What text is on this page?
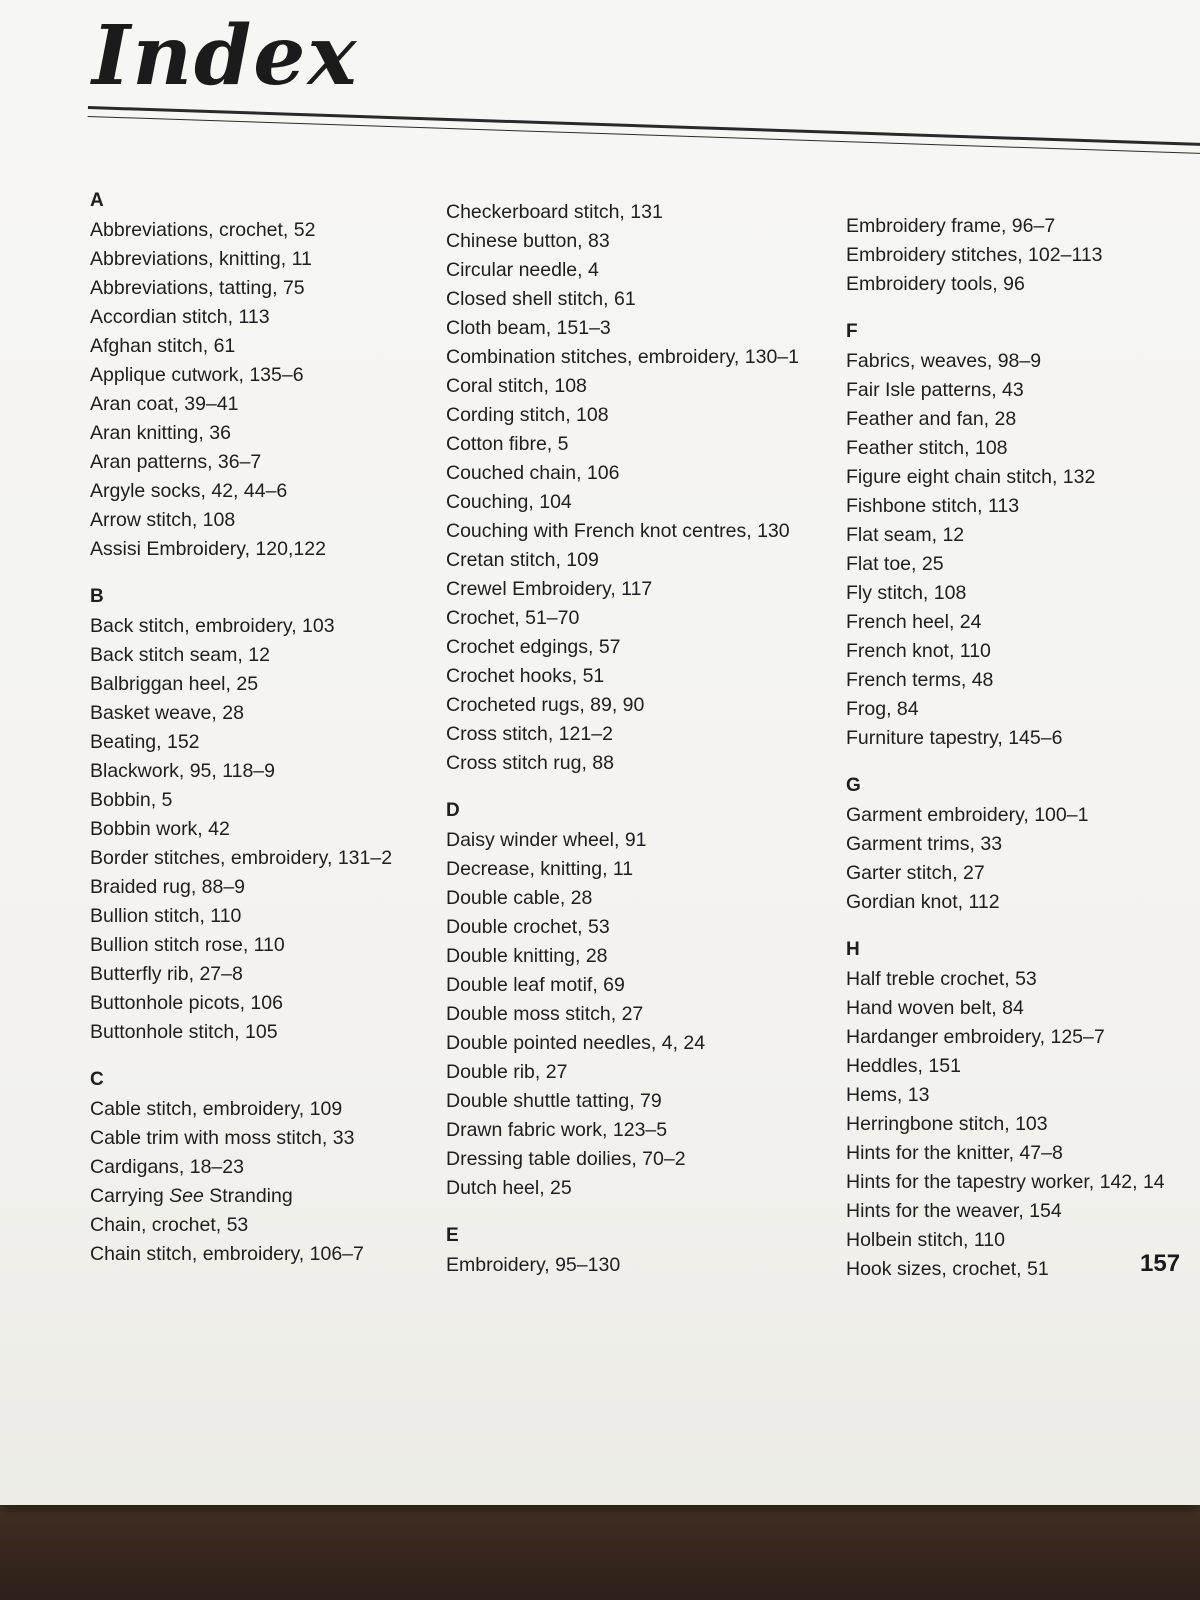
Index
A
Abbreviations, crochet, 52
Abbreviations, knitting, 11
Abbreviations, tatting, 75
Accordian stitch, 113
Afghan stitch, 61
Applique cutwork, 135–6
Aran coat, 39–41
Aran knitting, 36
Aran patterns, 36–7
Argyle socks, 42, 44–6
Arrow stitch, 108
Assisi Embroidery, 120,122
B
Back stitch, embroidery, 103
Back stitch seam, 12
Balbriggan heel, 25
Basket weave, 28
Beating, 152
Blackwork, 95, 118–9
Bobbin, 5
Bobbin work, 42
Border stitches, embroidery, 131–2
Braided rug, 88–9
Bullion stitch, 110
Bullion stitch rose, 110
Butterfly rib, 27–8
Buttonhole picots, 106
Buttonhole stitch, 105
C
Cable stitch, embroidery, 109
Cable trim with moss stitch, 33
Cardigans, 18–23
Carrying See Stranding
Chain, crochet, 53
Chain stitch, embroidery, 106–7
Checkerboard stitch, 131
Chinese button, 83
Circular needle, 4
Closed shell stitch, 61
Cloth beam, 151–3
Combination stitches, embroidery, 130–1
Coral stitch, 108
Cording stitch, 108
Cotton fibre, 5
Couched chain, 106
Couching, 104
Couching with French knot centres, 130
Cretan stitch, 109
Crewel Embroidery, 117
Crochet, 51–70
Crochet edgings, 57
Crochet hooks, 51
Crocheted rugs, 89, 90
Cross stitch, 121–2
Cross stitch rug, 88
D
Daisy winder wheel, 91
Decrease, knitting, 11
Double cable, 28
Double crochet, 53
Double knitting, 28
Double leaf motif, 69
Double moss stitch, 27
Double pointed needles, 4, 24
Double rib, 27
Double shuttle tatting, 79
Drawn fabric work, 123–5
Dressing table doilies, 70–2
Dutch heel, 25
E
Embroidery, 95–130
Embroidery frame, 96–7
Embroidery stitches, 102–113
Embroidery tools, 96
F
Fabrics, weaves, 98–9
Fair Isle patterns, 43
Feather and fan, 28
Feather stitch, 108
Figure eight chain stitch, 132
Fishbone stitch, 113
Flat seam, 12
Flat toe, 25
Fly stitch, 108
French heel, 24
French knot, 110
French terms, 48
Frog, 84
Furniture tapestry, 145–6
G
Garment embroidery, 100–1
Garment trims, 33
Garter stitch, 27
Gordian knot, 112
H
Half treble crochet, 53
Hand woven belt, 84
Hardanger embroidery, 125–7
Heddles, 151
Hems, 13
Herringbone stitch, 103
Hints for the knitter, 47–8
Hints for the tapestry worker, 142, 14
Hints for the weaver, 154
Holbein stitch, 110
Hook sizes, crochet, 51	157
